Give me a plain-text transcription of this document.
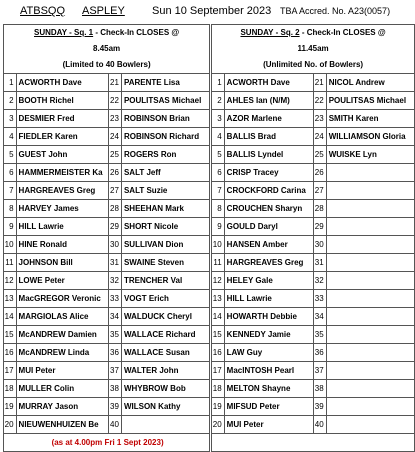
ATBSQQ ASPLEY Sun 10 September 2023 TBA Accred. No. A23(0057)
SUNDAY - Sq. 1 - Check-In CLOSES @
8.45am
(Limited to 40 Bowlers)					SUNDAY - Sq. 2 - Check-In CLOSES @
11.45am
(Unlimited No. of Bowlers)			
1	ACWORTH Dave	21	PARENTE Lisa		1	ACWORTH Dave	21	NICOL Andrew
2	BOOTH Richel	22	POULITSAS Michael		2	AHLES Ian (N/M)	22	POULITSAS Michael
3	DESMIER Fred	23	ROBINSON Brian		3	AZOR Marlene	23	SMITH Karen
4	FIEDLER Karen	24	ROBINSON Richard		4	BALLIS Brad	24	WILLIAMSON Gloria
5	GUEST John	25	ROGERS Ron		5	BALLIS Lyndel	25	WUISKE Lyn
6	HAMMERMEISTER Ka	26	SALT Jeff		6	CRISP Tracey	26	
7	HARGREAVES Greg	27	SALT Suzie		7	CROCKFORD Carina	27	
8	HARVEY James	28	SHEEHAN Mark		8	CROUCHEN Sharyn	28	
9	HILL Lawrie	29	SHORT Nicole		9	GOULD Daryl	29	
10	HINE Ronald	30	SULLIVAN Dion		10	HANSEN Amber	30	
11	JOHNSON Bill	31	SWAINE Steven		11	HARGREAVES Greg	31	
12	LOWE Peter	32	TRENCHER Val		12	HELEY Gale	32	
13	MacGREGOR Veronic	33	VOGT Erich		13	HILL Lawrie	33	
14	MARGIOLAS Alice	34	WALDUCK Cheryl		14	HOWARTH Debbie	34	
15	McANDREW Damien	35	WALLACE Richard		15	KENNEDY Jamie	35	
16	McANDREW Linda	36	WALLACE Susan		16	LAW Guy	36	
17	MUI Peter	37	WALTER John		17	MacINTOSH Pearl	37	
18	MULLER Colin	38	WHYBROW Bob		18	MELTON Shayne	38	
19	MURRAY Jason	39	WILSON Kathy		19	MIFSUD Peter	39	
20	NIEUWENHUIZEN Be	40			20	MUI Peter	40	
(as at 4.00pm Fri 1 Sept 2023)								
